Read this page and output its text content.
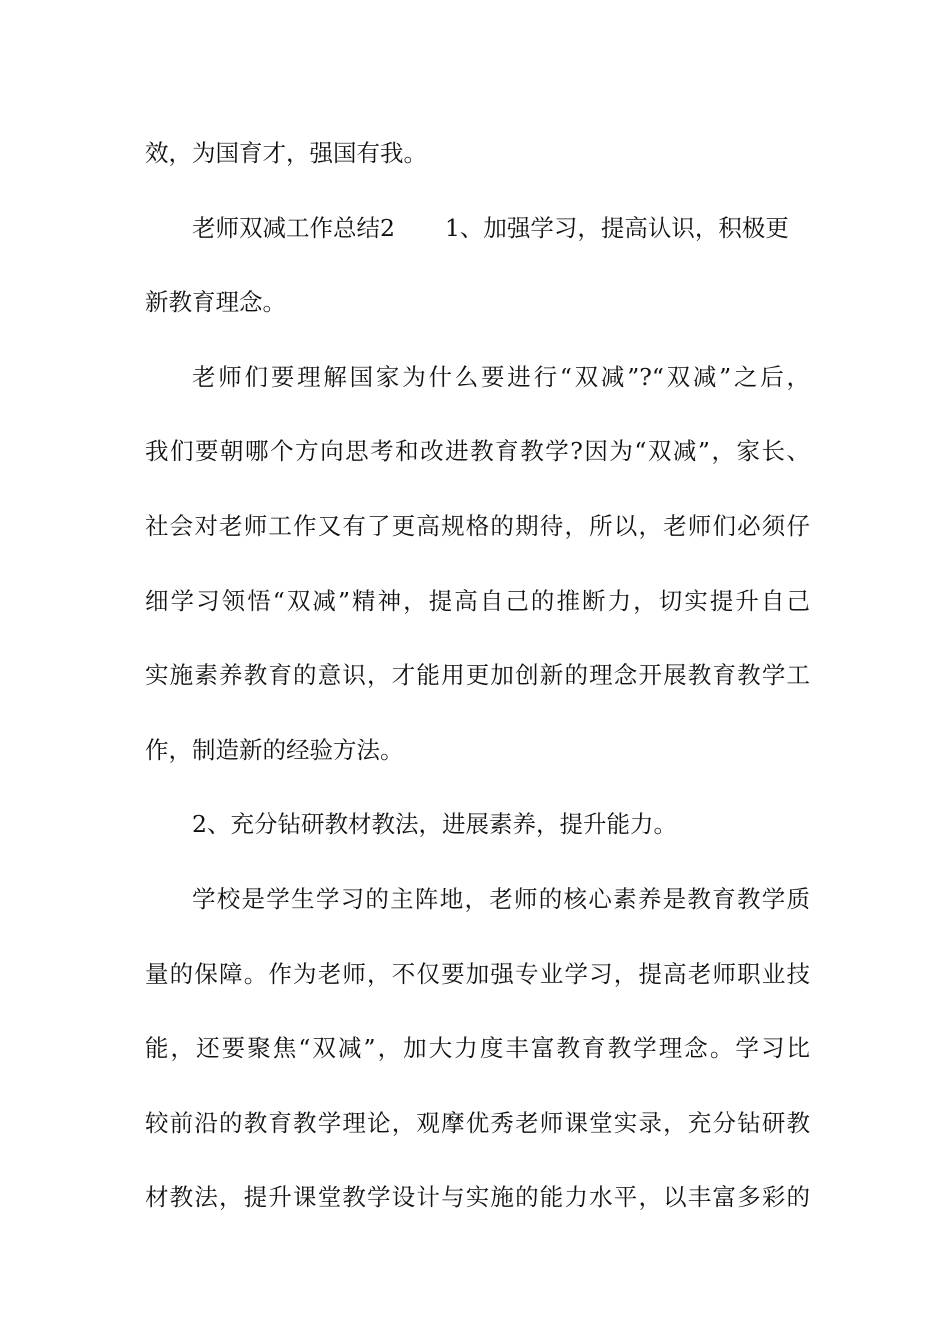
效，为国育才，强国有我。
老师双减工作总结2 1、加强学习，提高认识，积极更
新教育理念。
老师们要理解国家为什么要进行“双减”?“双减”之后，
我们要朝哪个方向思考和改进教育教学?因为“双减”，家长、
社会对老师工作又有了更高规格的期待，所以，老师们必须仔
细学习领悟“双减”精神，提高自己的推断力，切实提升自己
实施素养教育的意识，才能用更加创新的理念开展教育教学工
作，制造新的经验方法。
2、充分钻研教材教法，进展素养，提升能力。
学校是学生学习的主阵地，老师的核心素养是教育教学质
量的保障。作为老师，不仅要加强专业学习，提高老师职业技
能，还要聚焦“双减”，加大力度丰富教育教学理念。学习比
较前沿的教育教学理论，观摩优秀老师课堂实录，充分钻研教
材教法，提升课堂教学设计与实施的能力水平，以丰富多彩的
